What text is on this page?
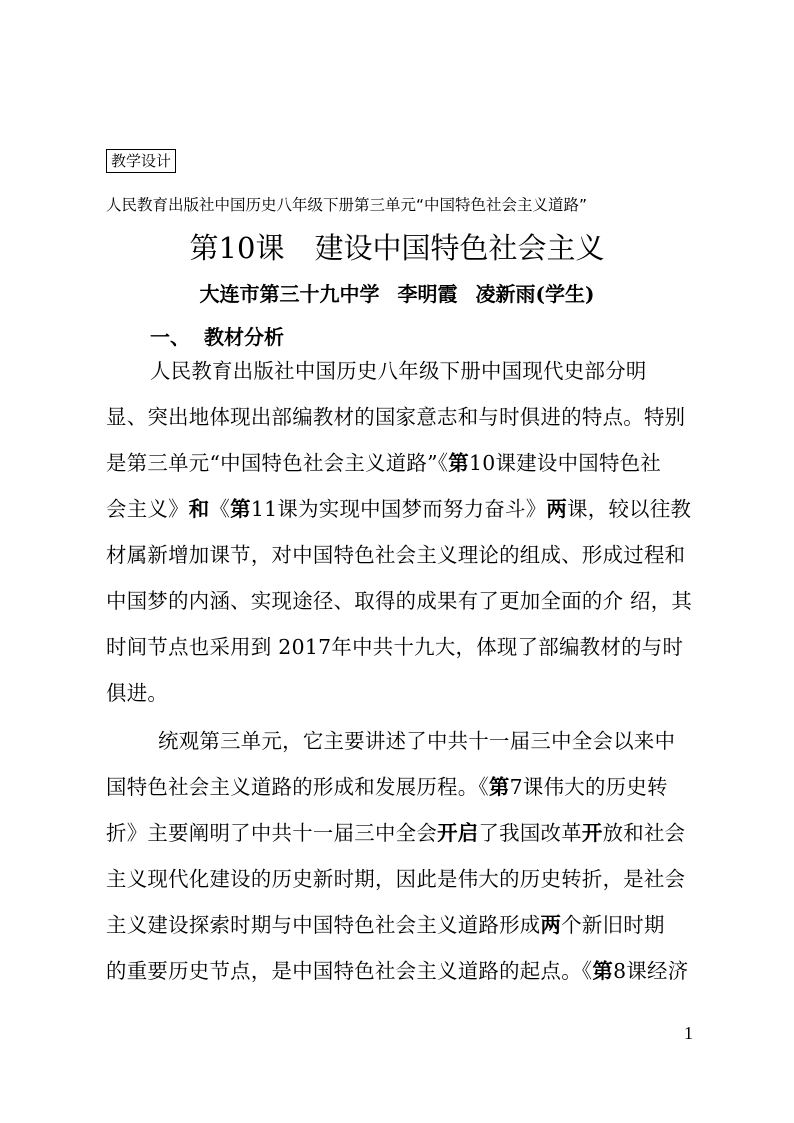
教学设计
人民教育出版社中国历史八年级下册第三单元“中国特色社会主义道路”
第10课 建设中国特色社会主义
大连市第三十九中学 李明霞 凌新雨(学生)
一、 教材分析
人民教育出版社中国历史八年级下册中国现代史部分明
显、突出地体现出部编教材的国家意志和与时俱进的特点。特别
是第三单元“中国特色社会主义道路”《第10课建设中国特色社
会主义》和《第11课为实现中国梦而努力奋斗》两课，较以往教
材属新增加课节，对中国特色社会主义理论的组成、形成过程和
中国梦的内涵、实现途径、取得的成果有了更加全面的介 绍，其
时间节点也采用到 2017年中共十九大，体现了部编教材的与时
俱进。
统观第三单元，它主要讲述了中共十一届三中全会以来中
国特色社会主义道路的形成和发展历程。《第7课伟大的历史转
折》主要阐明了中共十一届三中全会开启了我国改革开放和社会
主义现代化建设的历史新时期，因此是伟大的历史转折，是社会
主义建设探索时期与中国特色社会主义道路形成两个新旧时期
的重要历史节点，是中国特色社会主义道路的起点。《第8课经济
1
